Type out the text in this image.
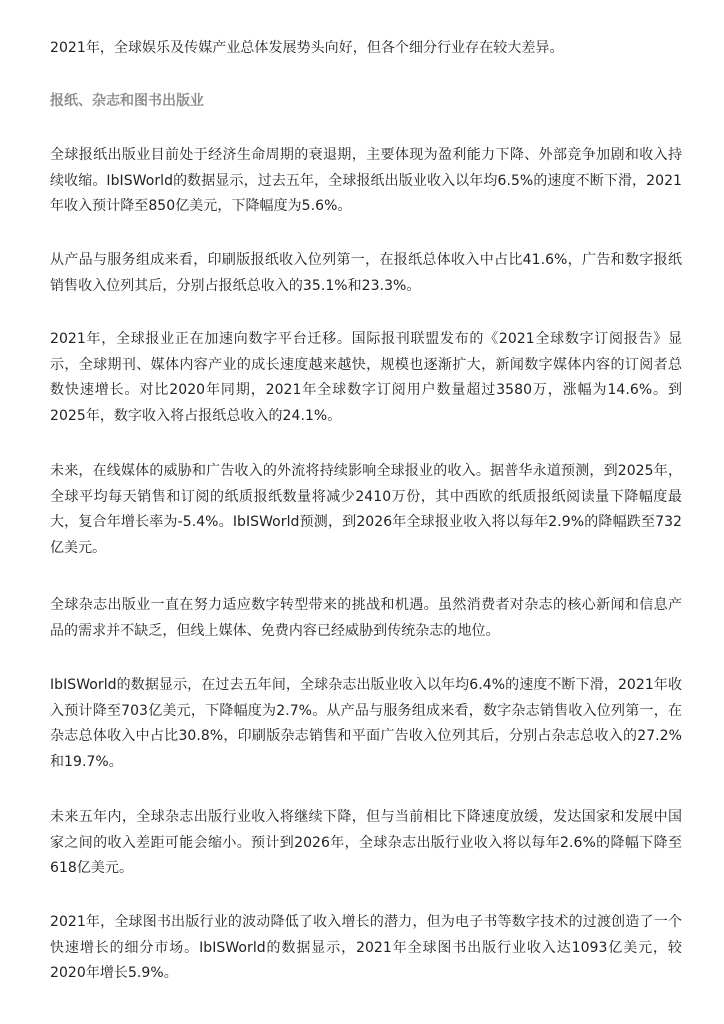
2021年，全球娱乐及传媒产业总体发展势头向好，但各个细分行业存在较大差异。

报纸、杂志和图书出版业

全球报纸出版业目前处于经济生命周期的衰退期，主要体现为盈利能力下降、外部竞争加剧和收入持续收缩。IbISWorld的数据显示，过去五年，全球报纸出版业收入以年均6.5%的速度不断下滑，2021年收入预计降至850亿美元，下降幅度为5.6%。

从产品与服务组成来看，印刷版报纸收入位列第一，在报纸总体收入中占比41.6%，广告和数字报纸销售收入位列其后，分别占报纸总收入的35.1%和23.3%。

2021年，全球报业正在加速向数字平台迁移。国际报刊联盟发布的《2021全球数字订阅报告》显示，全球期刊、媒体内容产业的成长速度越来越快，规模也逐渐扩大，新闻数字媒体内容的订阅者总数快速增长。对比2020年同期，2021年全球数字订阅用户数量超过3580万，涨幅为14.6%。到2025年，数字收入将占报纸总收入的24.1%。

未来，在线媒体的威胁和广告收入的外流将持续影响全球报业的收入。据普华永道预测，到2025年，全球平均每天销售和订阅的纸质报纸数量将减少2410万份，其中西欧的纸质报纸阅读量下降幅度最大，复合年增长率为-5.4%。IbISWorld预测，到2026年全球报业收入将以每年2.9%的降幅跌至732亿美元。

全球杂志出版业一直在努力适应数字转型带来的挑战和机遇。虽然消费者对杂志的核心新闻和信息产品的需求并不缺乏，但线上媒体、免费内容已经威胁到传统杂志的地位。

IbISWorld的数据显示，在过去五年间，全球杂志出版业收入以年均6.4%的速度不断下滑，2021年收入预计降至703亿美元，下降幅度为2.7%。从产品与服务组成来看，数字杂志销售收入位列第一，在杂志总体收入中占比30.8%，印刷版杂志销售和平面广告收入位列其后，分别占杂志总收入的27.2%和19.7%。

未来五年内，全球杂志出版行业收入将继续下降，但与当前相比下降速度放缓，发达国家和发展中国家之间的收入差距可能会缩小。预计到2026年，全球杂志出版行业收入将以每年2.6%的降幅下降至618亿美元。

2021年，全球图书出版行业的波动降低了收入增长的潜力，但为电子书等数字技术的过渡创造了一个快速增长的细分市场。IbISWorld的数据显示，2021年全球图书出版行业收入达1093亿美元，较2020年增长5.9%。
